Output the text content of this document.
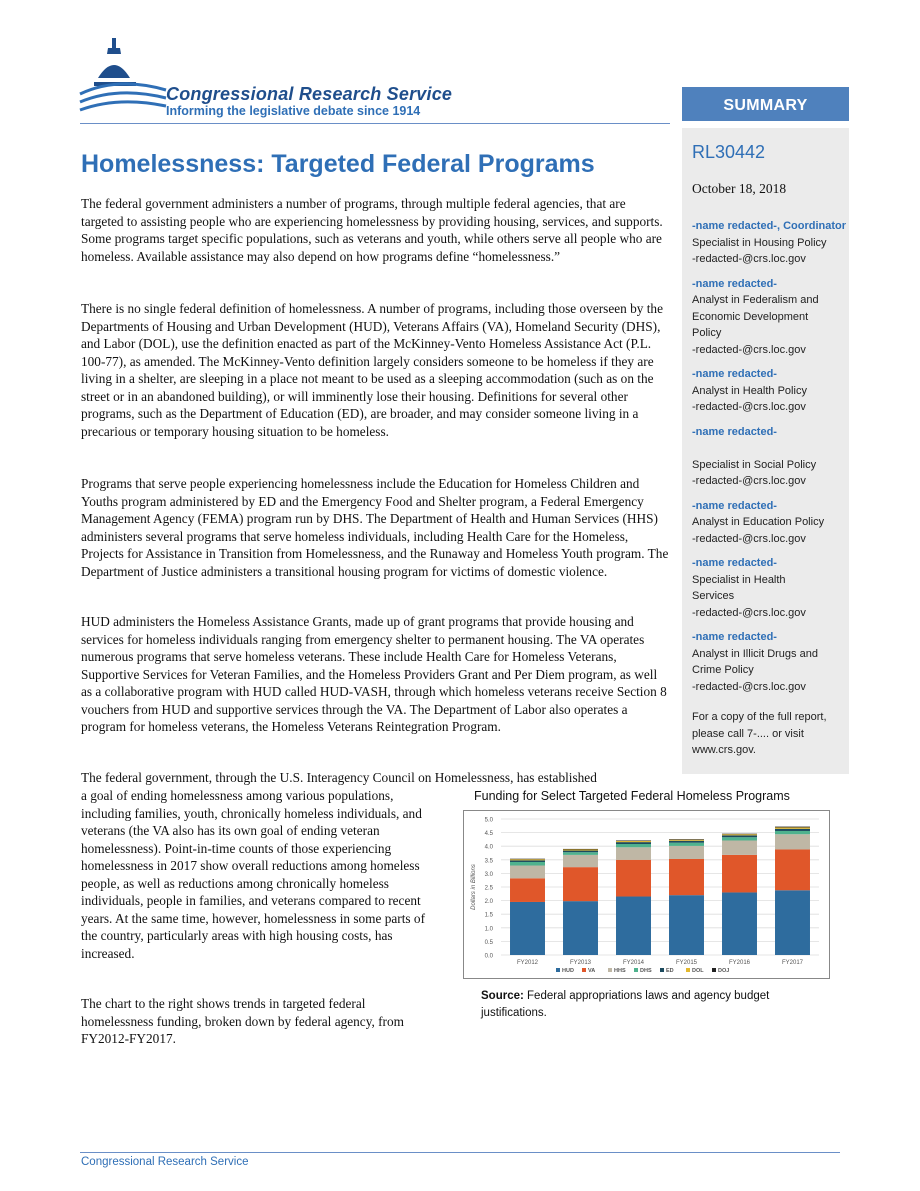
Congressional Research Service
Informing the legislative debate since 1914	SUMMARY
RL30442
October 18, 2018
-name redacted-, Coordinator
Specialist in Housing Policy
-redacted-@crs.loc.gov
-name redacted-
Analyst in Federalism and
Economic Development
Policy
-redacted-@crs.loc.gov
-name redacted-
Analyst in Health Policy
-redacted-@crs.loc.gov
-name redacted-

Specialist in Social Policy
-redacted-@crs.loc.gov
-name redacted-
Analyst in Education Policy
-redacted-@crs.loc.gov
-name redacted-
Specialist in Health
Services
-redacted-@crs.loc.gov
-name redacted-
Analyst in Illicit Drugs and
Crime Policy
-redacted-@crs.loc.gov
For a copy of the full report, please call 7-.... or visit www.crs.gov.
Homelessness: Targeted Federal Programs

The federal government administers a number of programs, through multiple federal agencies, that are targeted to assisting people who are experiencing homelessness by providing housing, services, and supports. Some programs target specific populations, such as veterans and youth, while others serve all people who are homeless. Available assistance may also depend on how programs define “homelessness.”

There is no single federal definition of homelessness. A number of programs, including those overseen by the Departments of Housing and Urban Development (HUD), Veterans Affairs (VA), Homeland Security (DHS), and Labor (DOL), use the definition enacted as part of the McKinney-Vento Homeless Assistance Act (P.L. 100-77), as amended. The McKinney-Vento definition largely considers someone to be homeless if they are living in a shelter, are sleeping in a place not meant to be used as a sleeping accommodation (such as on the street or in an abandoned building), or will imminently lose their housing. Definitions for several other programs, such as the Department of Education (ED), are broader, and may consider someone living in a precarious or temporary housing situation to be homeless.

Programs that serve people experiencing homelessness include the Education for Homeless Children and Youths program administered by ED and the Emergency Food and Shelter program, a Federal Emergency Management Agency (FEMA) program run by DHS. The Department of Health and Human Services (HHS) administers several programs that serve homeless individuals, including Health Care for the Homeless, Projects for Assistance in Transition from Homelessness, and the Runaway and Homeless Youth program. The Department of Justice administers a transitional housing program for victims of domestic violence.

HUD administers the Homeless Assistance Grants, made up of grant programs that provide housing and services for homeless individuals ranging from emergency shelter to permanent housing. The VA operates numerous programs that serve homeless veterans. These include Health Care for Homeless Veterans, Supportive Services for Veteran Families, and the Homeless Providers Grant and Per Diem program, as well as a collaborative program with HUD called HUD-VASH, through which homeless veterans receive Section 8 vouchers from HUD and supportive services through the VA. The Department of Labor also operates a program for homeless veterans, the Homeless Veterans Reintegration Program.

The federal government, through the U.S. Interagency Council on Homelessness, has established

a goal of ending homelessness among various populations, including families, youth, chronically homeless individuals, and veterans (the VA also has its own goal of ending veteran homelessness). Point-in-time counts of those experiencing homelessness in 2017 show overall reductions among homeless people, as well as reductions among chronically homeless individuals, people in families, and veterans compared to recent years. At the same time, however, homelessness in some parts of the country, particularly areas with high housing costs, has increased.

The chart to the right shows trends in targeted federal homelessness funding, broken down by federal agency, from FY2012-FY2017.

Funding for Select Targeted Federal Homeless Programs
0.0
0.5
1.0
1.5
2.0
2.5
3.0
3.5
4.0
4.5
5.0
Dollars in Billions
FY2012	FY2013	FY2014	FY2015	FY2016	FY2017
HUD	VA	HHS	DHS	ED	DOL	DOJ
Source: Federal appropriations laws and agency budget justifications.
Congressional Research Service
